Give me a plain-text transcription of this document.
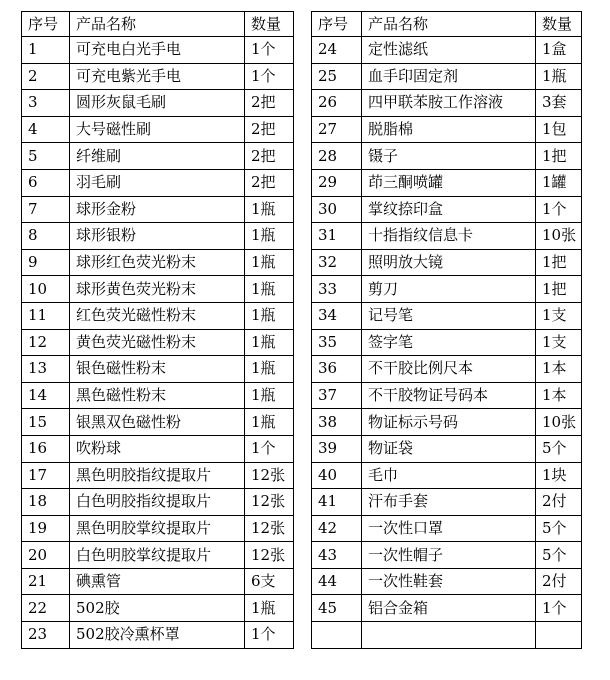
序号	产品名称	数量		序号	产品名称	数量
1	可充电白光手电	1个		24	定性滤纸	1盒
2	可充电紫光手电	1个		25	血手印固定剂	1瓶
3	圆形灰鼠毛刷	2把		26	四甲联苯胺工作溶液	3套
4	大号磁性刷	2把		27	脱脂棉	1包
5	纤维刷	2把		28	镊子	1把
6	羽毛刷	2把		29	茚三酮喷罐	1罐
7	球形金粉	1瓶		30	掌纹捺印盒	1个
8	球形银粉	1瓶		31	十指指纹信息卡	10张
9	球形红色荧光粉末	1瓶		32	照明放大镜	1把
10	球形黄色荧光粉末	1瓶		33	剪刀	1把
11	红色荧光磁性粉末	1瓶		34	记号笔	1支
12	黄色荧光磁性粉末	1瓶		35	签字笔	1支
13	银色磁性粉末	1瓶		36	不干胶比例尺本	1本
14	黑色磁性粉末	1瓶		37	不干胶物证号码本	1本
15	银黑双色磁性粉	1瓶		38	物证标示号码	10张
16	吹粉球	1个		39	物证袋	5个
17	黑色明胶指纹提取片	12张		40	毛巾	1块
18	白色明胶指纹提取片	12张		41	汗布手套	2付
19	黑色明胶掌纹提取片	12张		42	一次性口罩	5个
20	白色明胶掌纹提取片	12张		43	一次性帽子	5个
21	碘熏管	6支		44	一次性鞋套	2付
22	502胶	1瓶		45	铝合金箱	1个
23	502胶冷熏杯罩	1个				
